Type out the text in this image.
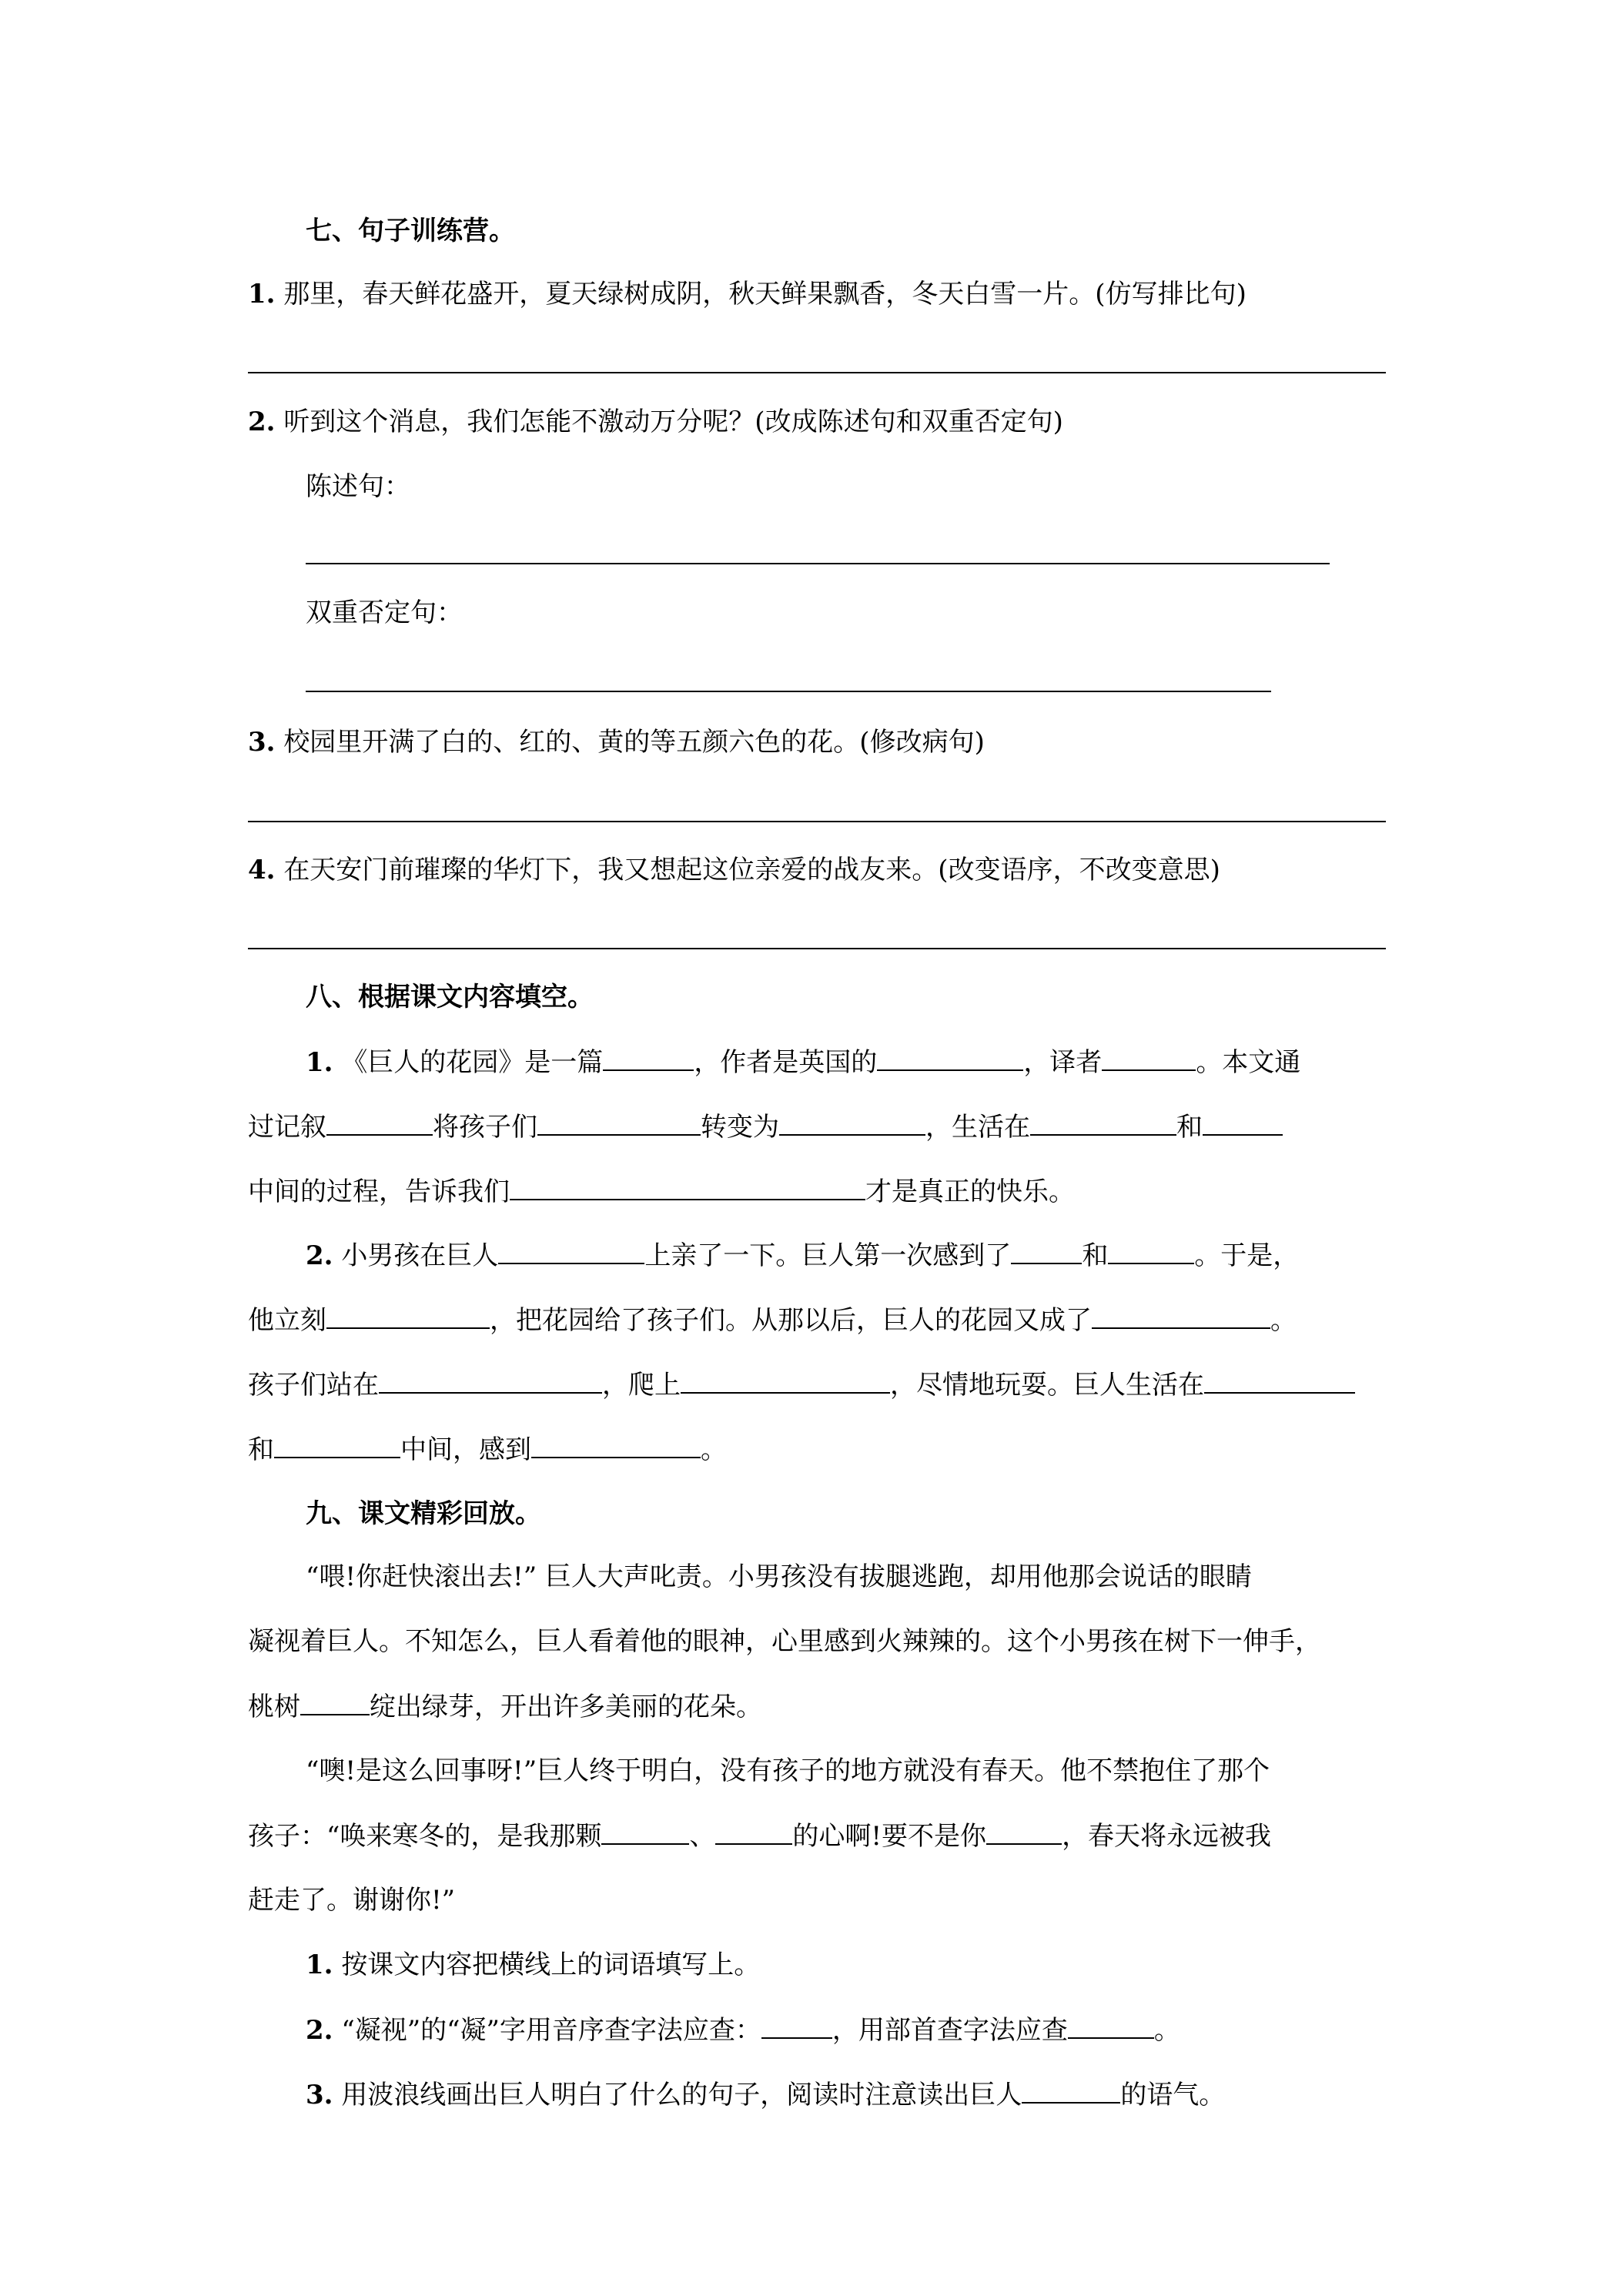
七、句子训练营。
1. 那里，春天鲜花盛开，夏天绿树成阴，秋天鲜果飘香，冬天白雪一片。(仿写排比句)
2. 听到这个消息，我们怎能不激动万分呢？(改成陈述句和双重否定句)
陈述句：
双重否定句：
3. 校园里开满了白的、红的、黄的等五颜六色的花。(修改病句)
4. 在天安门前璀璨的华灯下，我又想起这位亲爱的战友来。(改变语序，不改变意思)
八、根据课文内容填空。
1. 《巨人的花园》是一篇	，作者是英国的	，译者	。本文通
过记叙	将孩子们	转变为	，生活在	和
中间的过程，告诉我们	才是真正的快乐。
2. 小男孩在巨人	上亲了一下。巨人第一次感到了	和	。于是，
他立刻	，把花园给了孩子们。从那以后，巨人的花园又成了	。
孩子们站在	，爬上	，尽情地玩耍。巨人生活在
和	中间，感到	。
九、课文精彩回放。
“喂!你赶快滚出去!” 巨人大声叱责。小男孩没有拔腿逃跑，却用他那会说话的眼睛
凝视着巨人。不知怎么，巨人看着他的眼神，心里感到火辣辣的。这个小男孩在树下一伸手，
桃树	绽出绿芽，开出许多美丽的花朵。
“噢!是这么回事呀!”巨人终于明白，没有孩子的地方就没有春天。他不禁抱住了那个
孩子：“唤来寒冬的，是我那颗	、	的心啊!要不是你	，春天将永远被我
赶走了。谢谢你!”
1. 按课文内容把横线上的词语填写上。
2. “凝视”的“凝”字用音序查字法应查：	，用部首查字法应查	。
3. 用波浪线画出巨人明白了什么的句子，阅读时注意读出巨人	的语气。
